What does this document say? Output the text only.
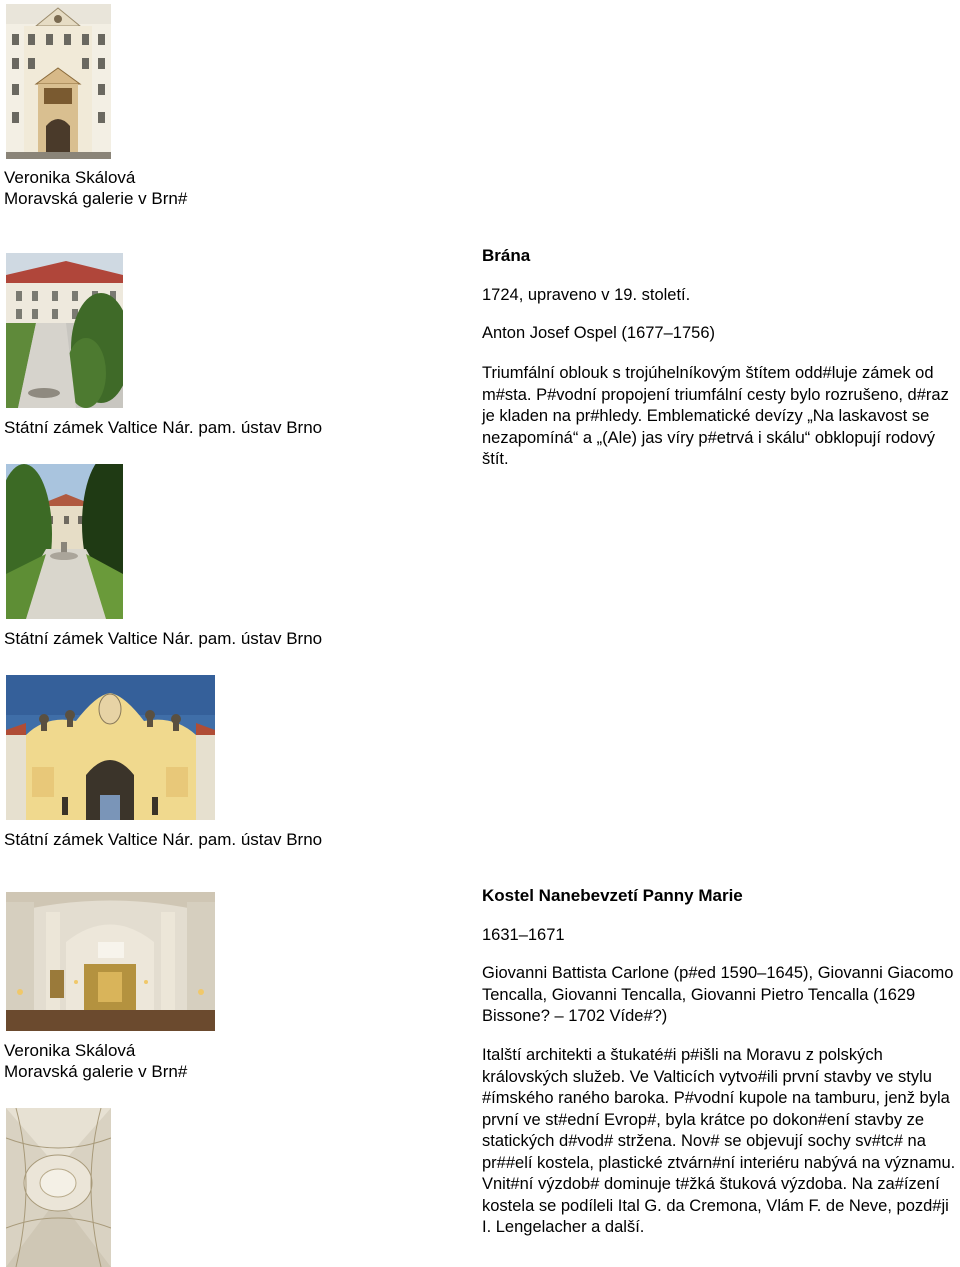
Veronika Skálová
Moravská galerie v Brn#
Státní zámek Valtice Nár. pam. ústav Brno
Státní zámek Valtice Nár. pam. ústav Brno
Státní zámek Valtice Nár. pam. ústav Brno
Veronika Skálová
Moravská galerie v Brn#
Brána
1724, upraveno v 19. století.
Anton Josef Ospel (1677–1756)
Triumfální oblouk s trojúhelníkovým štítem odd#luje zámek od m#sta. P#vodní propojení triumfální cesty bylo rozrušeno, d#raz je kladen na pr#hledy. Emblematické devízy „Na laskavost se nezapomíná“ a „(Ale) jas víry p#etrvá i skálu“ obklopují rodový štít.
Kostel Nanebevzetí Panny Marie
1631–1671
Giovanni Battista Carlone (p#ed 1590–1645), Giovanni Giacomo Tencalla, Giovanni Tencalla, Giovanni Pietro Tencalla (1629 Bissone? – 1702 Víde#?)
Italští architekti a štukaté#i p#išli na Moravu z polských královských služeb. Ve Valticích vytvo#ili první stavby ve stylu #ímského raného baroka. P#vodní kupole na tamburu, jenž byla první ve st#ední Evrop#, byla krátce po dokon#ení stavby ze statických d#vod# stržena. Nov# se objevují sochy sv#tc# na pr##elí kostela, plastické ztvárn#ní interiéru nabývá na významu. Vnit#ní výzdob# dominuje t#žká štuková výzdoba. Na za#ízení kostela se podíleli Ital G. da Cremona, Vlám F. de Neve, pozd#ji I. Lengelacher a další.
